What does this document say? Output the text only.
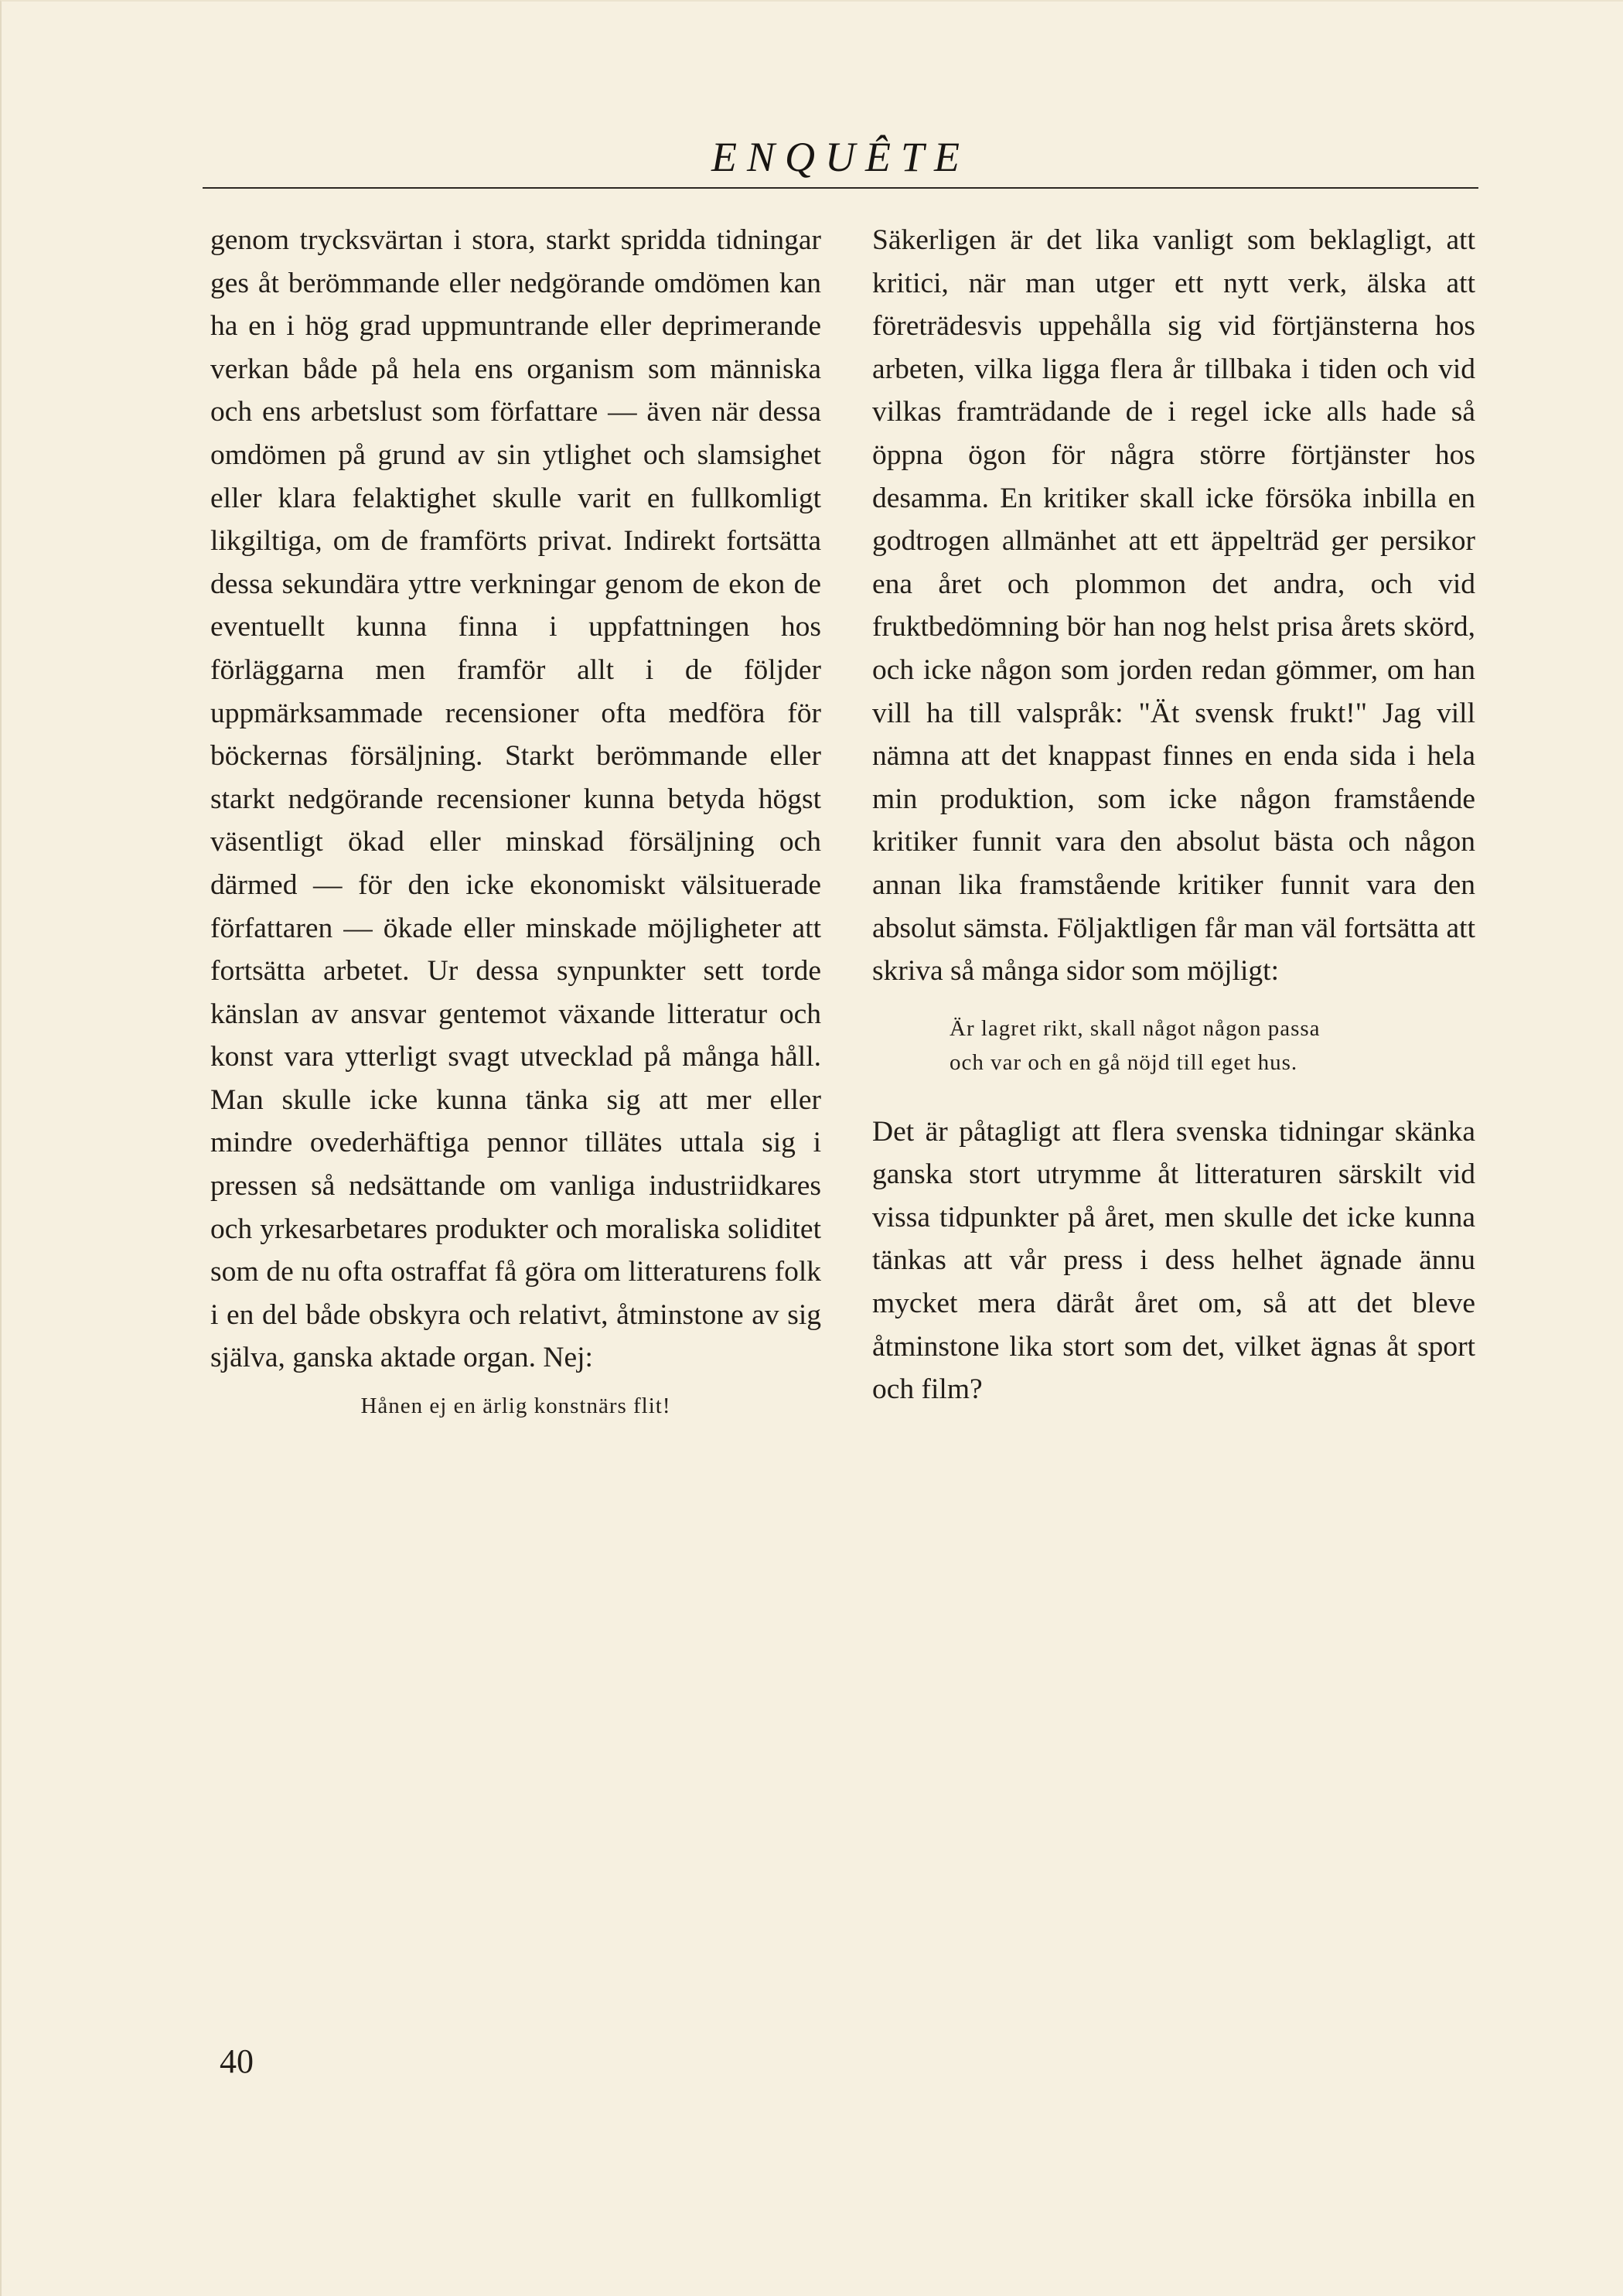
ENQUÊTE

genom trycksvärtan i stora, starkt spridda tidningar ges åt berömmande eller nedgörande omdömen kan ha en i hög grad uppmuntrande eller deprimerande verkan både på hela ens organism som människa och ens arbetslust som författare — även när dessa omdömen på grund av sin ytlighet och slamsighet eller klara felaktighet skulle varit en fullkomligt likgiltiga, om de framförts privat. Indirekt fortsätta dessa sekundära yttre verkningar genom de ekon de eventuellt kunna finna i uppfattningen hos förläggarna men framför allt i de följder uppmärksammade recensioner ofta medföra för böckernas försäljning. Starkt berömmande eller starkt nedgörande recensioner kunna betyda högst väsentligt ökad eller minskad försäljning och därmed — för den icke ekonomiskt välsituerade författaren — ökade eller minskade möjligheter att fortsätta arbetet. Ur dessa synpunkter sett torde känslan av ansvar gentemot växande litteratur och konst vara ytterligt svagt utvecklad på många håll. Man skulle icke kunna tänka sig att mer eller mindre ovederhäftiga pennor tillätes uttala sig i pressen så nedsättande om vanliga industriidkares och yrkesarbetares produkter och moraliska soliditet som de nu ofta ostraffat få göra om litteraturens folk i en del både obskyra och relativt, åtminstone av sig själva, ganska aktade organ. Nej:

Hånen ej en ärlig konstnärs flit!

Säkerligen är det lika vanligt som beklagligt, att kritici, när man utger ett nytt verk, älska att företrädesvis uppehålla sig vid förtjänsterna hos arbeten, vilka ligga flera år tillbaka i tiden och vid vilkas framträdande de i regel icke alls hade så öppna ögon för några större förtjänster hos desamma. En kritiker skall icke försöka inbilla en godtrogen allmänhet att ett äppelträd ger persikor ena året och plommon det andra, och vid fruktbedömning bör han nog helst prisa årets skörd, och icke någon som jorden redan gömmer, om han vill ha till valspråk: "Ät svensk frukt!" Jag vill nämna att det knappast finnes en enda sida i hela min produktion, som icke någon framstående kritiker funnit vara den absolut bästa och någon annan lika framstående kritiker funnit vara den absolut sämsta. Följaktligen får man väl fortsätta att skriva så många sidor som möjligt:

Är lagret rikt, skall något någon passa
och var och en gå nöjd till eget hus.

Det är påtagligt att flera svenska tidningar skänka ganska stort utrymme åt litteraturen särskilt vid vissa tidpunkter på året, men skulle det icke kunna tänkas att vår press i dess helhet ägnade ännu mycket mera däråt året om, så att det bleve åtminstone lika stort som det, vilket ägnas åt sport och film?

40
